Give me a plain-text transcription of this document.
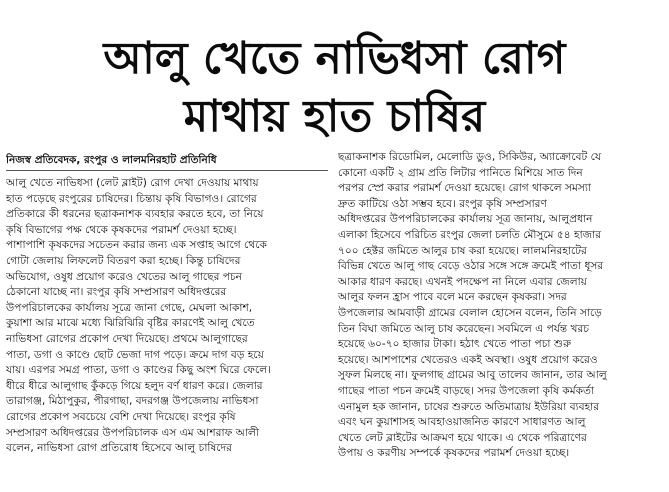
আলু খেতে নাভিধসা রোগ
মাথায় হাত চাষির
নিজস্ব প্রতিবেদক, রংপুর ও লালমনিরহাট প্রতিনিধি
আলু খেতে নাভিধসা (লেট ব্লাইট) রোগ দেখা দেওয়ায় মাথায়
হাত পড়েছে রংপুরের চাষিদের। চিন্তায় কৃষি বিভাগও। রোগের
প্রতিকারে কী ধরনের ছত্রাকনাশক ব্যবহার করতে হবে, তা নিয়ে
কৃষি বিভাগের পক্ষ থেকে কৃষকদের পরামর্শ দেওয়া হচ্ছে।
পাশাপাশি কৃষকদের সচেতন করার জন্য এক সপ্তাহ আগে থেকে
গোটা জেলায় লিফলেট বিতরণ করা হচ্ছে। কিন্তু চাষিদের
অভিযোগ, ওষুধ প্রয়োগ করেও খেতের আলু গাছের পচন
ঠেকানো যাচ্ছে না। রংপুর কৃষি সম্প্রসারণ অধিদপ্তরের
উপপরিচালকের কার্যালয় সূত্রে জানা গেছে, মেঘলা আকাশ,
কুয়াশা আর মাঝে মধ্যে ঝিরিঝিরি বৃষ্টির কারণেই আলু খেতে
নাভিধসা রোগের প্রকোপ দেখা দিয়েছে। প্রথমে আলুগাছের
পাতা, ডগা ও কাণ্ডে ছোট ভেজা দাগ পড়ে। ক্রমে দাগ বড় হয়ে
যায়। এরপর সমগ্র পাতা, ডগা ও কাণ্ডের কিছু অংশ ঘিরে ফেলে।
ধীরে ধীরে আলুগাছ কুঁকড়ে গিয়ে হলুদ বর্ণ ধারণ করে। জেলার
তারাগঞ্জ, মিঠাপুকুর, পীরগাছা, বদরগঞ্জ উপজেলায় নাভিধসা
রোগের প্রকোপ সবচেয়ে বেশি দেখা দিয়েছে। রংপুর কৃষি
সম্প্রসারণ অধিদপ্তরের উপপরিচালক এস এম আশরাফ আলী
বলেন, নাভিধসা রোগ প্রতিরোধ হিসেবে আলু চাষিদের
ছত্রাকনাশক রিডোমিল, মেলোডি ডুও, সিকিউর, অ্যাক্রোবেট যে
কোনো একটি ২ গ্রাম প্রতি লিটার পানিতে মিশিয়ে সাত দিন
পরপর স্প্রে করার পরামর্শ দেওয়া হয়েছে। রোগ থাকলে সমস্যা
দ্রুত কাটিয়ে ওঠা সম্ভব হবে। রংপুর কৃষি সম্প্রসারণ
অধিদপ্তরের উপপরিচালকের কার্যালয় সূত্র জানায়, আলুপ্রধান
এলাকা হিসেবে পরিচিত রংপুর জেলা চলতি মৌসুমে ৫৪ হাজার
৭০০ হেক্টর জমিতে আলুর চাষ করা হয়েছে। লালমনিরহাটের
বিভিন্ন খেতে আলু গাছ বেড়ে ওঠার সঙ্গে সঙ্গে ক্রমেই পাতা ধূসর
আকার ধারণ করছে। এখনই পদক্ষেপ না নিলে এবার জেলায়
আলুর ফলন হ্রাস পাবে বলে মনে করছেন কৃষকরা। সদর
উপজেলার আমবাড়ী গ্রামের বেলাল হোসেন বলেন, তিনি সাড়ে
তিন বিঘা জমিতে আলু চাষ করেছেন। সবমিলে এ পর্যন্ত খরচ
হয়েছে ৬০-৭০ হাজার টাকা। হঠাৎ খেতে পাতা পচা শুরু
হয়েছে। আশপাশের খেতেরও একই অবস্থা। ওষুধ প্রয়োগ করেও
সুফল মিলছে না। ফুলগাছ গ্রামের আবু তালেব জানান, তার আলু
গাছের পাতা পচন ক্রমেই বাড়ছে। সদর উপজেলা কৃষি কর্মকর্তা
এনামুল হক জানান, চাষের শুরুতে অতিমাত্রায় ইউরিয়া ব্যবহার
এবং ঘন কুয়াশাসহ আবহাওয়াজনিত কারণে সাধারণত আলু
খেতে লেট ব্লাইটের আক্রমণ হয়ে থাকে। এ থেকে পরিত্রাণের
উপায় ও করণীয় সম্পর্কে কৃষকদের পরামর্শ দেওয়া হচ্ছে।
